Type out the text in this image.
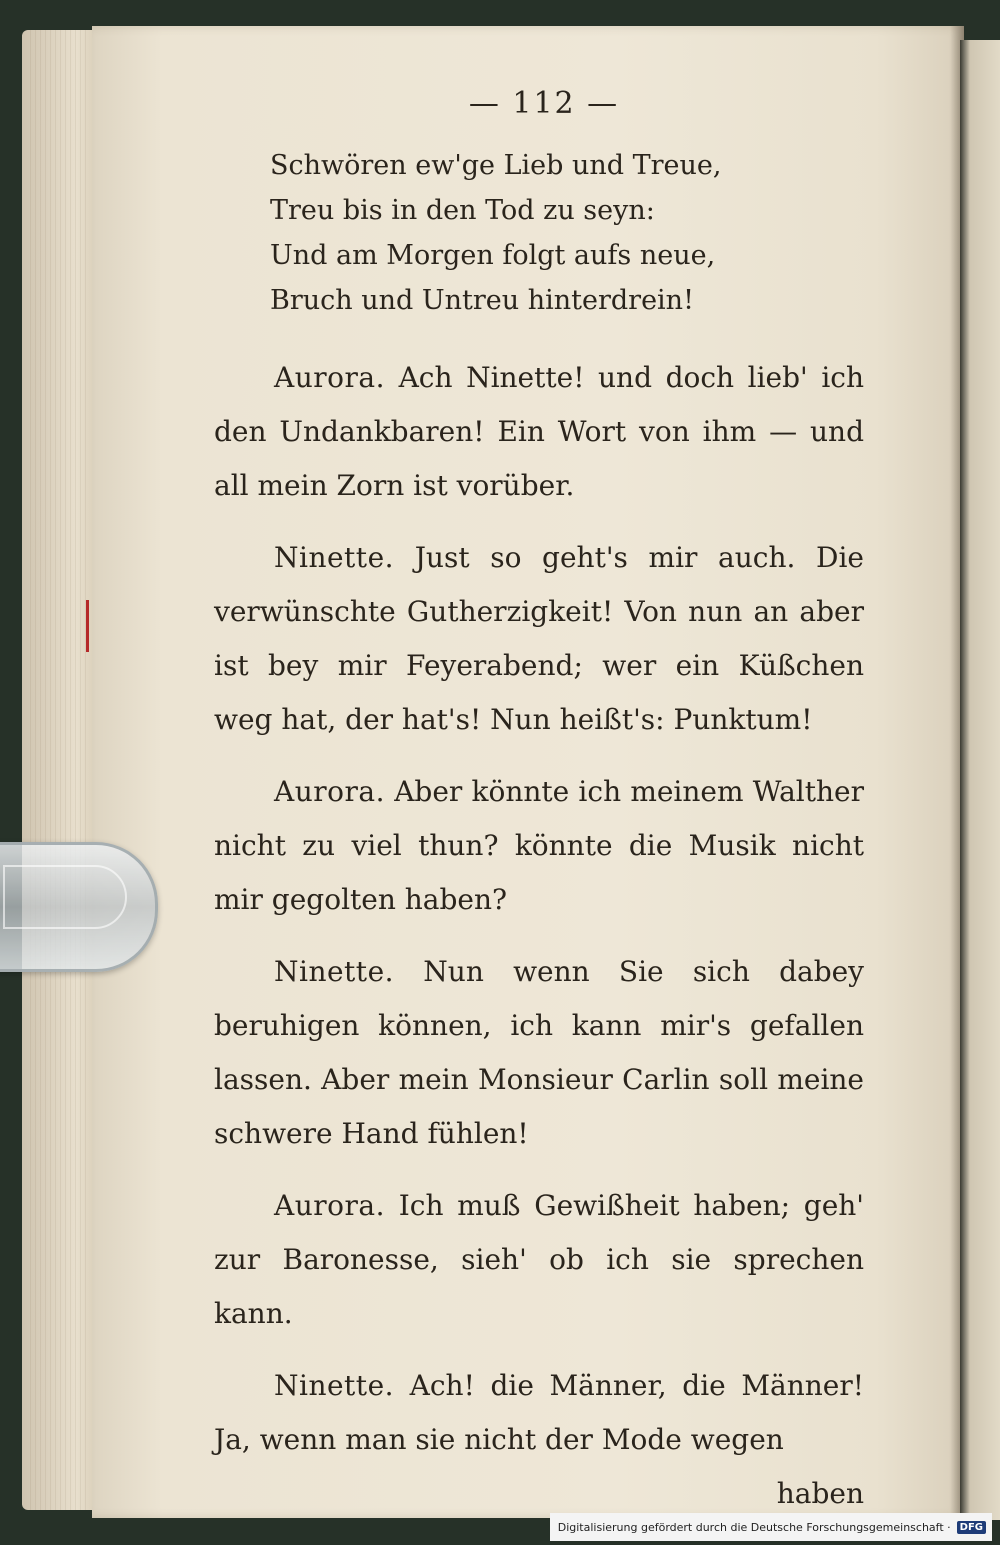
— 112 —
Schwören ew'ge Lieb und Treue,
Treu bis in den Tod zu seyn:
Und am Morgen folgt aufs neue,
Bruch und Untreu hinterdrein!

Aurora. Ach Ninette! und doch lieb' ich den Undankbaren! Ein Wort von ihm — und all mein Zorn ist vorüber.

Ninette. Just so geht's mir auch. Die verwünschte Gutherzigkeit! Von nun an aber ist bey mir Feyerabend; wer ein Küßchen weg hat, der hat's! Nun heißt's: Punktum!

Aurora. Aber könnte ich meinem Walther nicht zu viel thun? könnte die Musik nicht mir gegolten haben?

Ninette. Nun wenn Sie sich dabey beruhigen können, ich kann mir's gefallen lassen. Aber mein Monsieur Carlin soll meine schwere Hand fühlen!

Aurora. Ich muß Gewißheit haben; geh' zur Baronesse, sieh' ob ich sie sprechen kann.

Ninette. Ach! die Männer, die Männer! Ja, wenn man sie nicht der Mode wegen

haben
Digitalisierung gefördert durch die Deutsche Forschungsgemeinschaft · DFG
